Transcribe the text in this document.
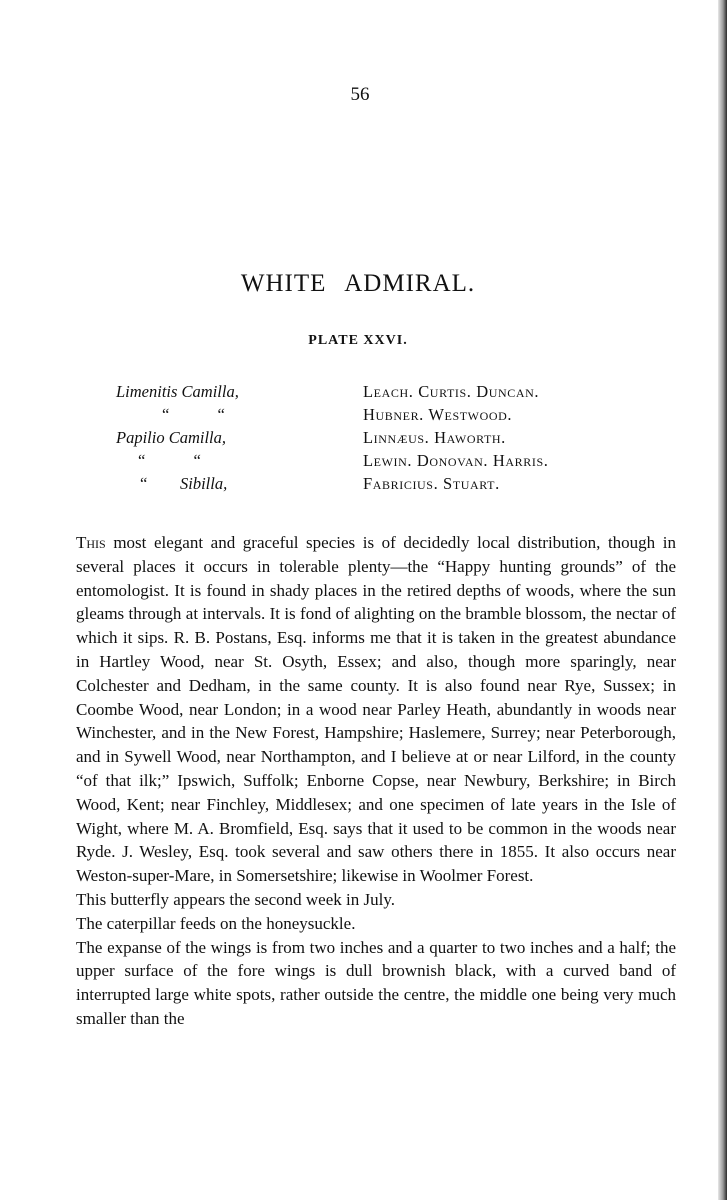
56
WHITE ADMIRAL.
PLATE XXVI.
Limenitis Camilla,	Leach. Curtis. Duncan.
“ “	Hubner. Westwood.
Papilio Camilla,	Linnæus. Haworth.
“ “	Lewin. Donovan. Harris.
“ Sibilla,	Fabricius. Stuart.

This most elegant and graceful species is of decidedly local distribution, though in several places it occurs in tolerable plenty—the “Happy hunting grounds” of the entomologist. It is found in shady places in the retired depths of woods, where the sun gleams through at intervals. It is fond of alighting on the bramble blossom, the nectar of which it sips. R. B. Postans, Esq. informs me that it is taken in the greatest abundance in Hartley Wood, near St. Osyth, Essex; and also, though more sparingly, near Colchester and Dedham, in the same county. It is also found near Rye, Sussex; in Coombe Wood, near London; in a wood near Parley Heath, abundantly in woods near Winchester, and in the New Forest, Hampshire; Haslemere, Surrey; near Peterborough, and in Sywell Wood, near Northampton, and I believe at or near Lilford, in the county “of that ilk;” Ipswich, Suffolk; Enborne Copse, near Newbury, Berkshire; in Birch Wood, Kent; near Finchley, Middlesex; and one specimen of late years in the Isle of Wight, where M. A. Bromfield, Esq. says that it used to be common in the woods near Ryde. J. Wesley, Esq. took several and saw others there in 1855. It also occurs near Weston-super-Mare, in Somersetshire; likewise in Woolmer Forest.

This butterfly appears the second week in July.

The caterpillar feeds on the honeysuckle.

The expanse of the wings is from two inches and a quarter to two inches and a half; the upper surface of the fore wings is dull brownish black, with a curved band of interrupted large white spots, rather outside the centre, the middle one being very much smaller than the
